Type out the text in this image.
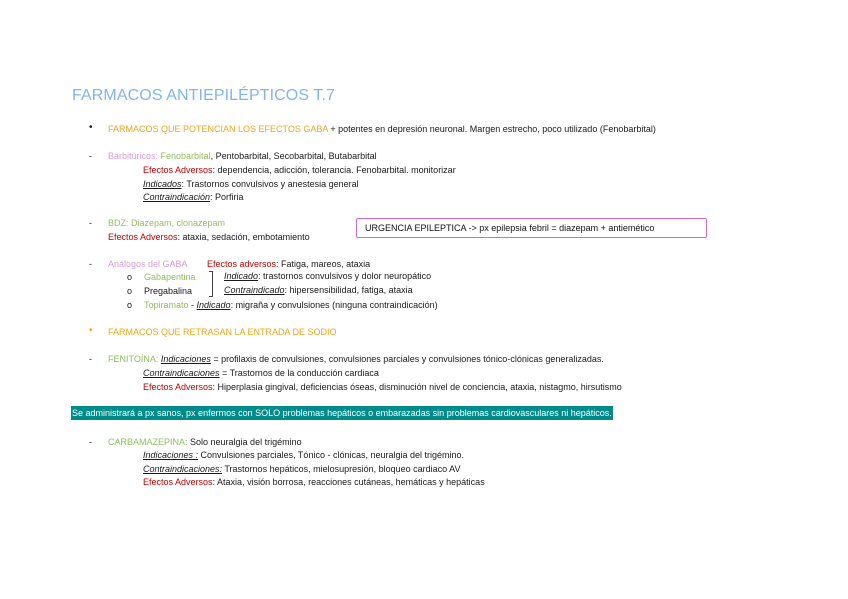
FARMACOS ANTIEPILÉPTICOS T.7
• FARMACOS QUE POTENCIAN LOS EFECTOS GABA + potentes en depresión neuronal. Margen estrecho, poco utilizado (Fenobarbital)
- Barbitúricos: Fenobarbital, Pentobarbital, Secobarbital, Butabarbital
Efectos Adversos: dependencia, adicción, tolerancia. Fenobarbital. monitorizar
Indicados: Trastornos convulsivos y anestesia general
Contraindicación: Porfiria
- BDZ: Diazepam, clonazepam
Efectos Adversos: ataxia, sedación, embotamiento
URGENCIA EPILEPTICA -> px epilepsia febril = diazepam + antiemético
- Análogos del GABA Efectos adversos: Fatiga, mareos, ataxia
o Gabapentina
o Pregabalina
Indicado: trastornos convulsivos y dolor neuropático
Contraindicado: hipersensibilidad, fatiga, ataxia
o Topiramato - Indicado: migraña y convulsiones (ninguna contraindicación)
• FARMACOS QUE RETRASAN LA ENTRADA DE SODIO
- FENITOÍNA: Indicaciones = profilaxis de convulsiones, convulsiones parciales y convulsiones tónico-clónicas generalizadas.
Contraindicaciones = Trastornos de la conducción cardiaca
Efectos Adversos: Hiperplasia gingival, deficiencias óseas, disminución nivel de conciencia, ataxia, nistagmo, hirsutismo
Se administrará a px sanos, px enfermos con SOLO problemas hepáticos o embarazadas sin problemas cardiovasculares ni hepáticos.
- CARBAMAZEPINA: Solo neuralgia del trigémino
Indicaciones : Convulsiones parciales, Tónico - clónicas, neuralgia del trigémino.
Contraindicaciones: Trastornos hepáticos, mielosupresión, bloqueo cardiaco AV
Efectos Adversos: Ataxia, visión borrosa, reacciones cutáneas, hemáticas y hepáticas
